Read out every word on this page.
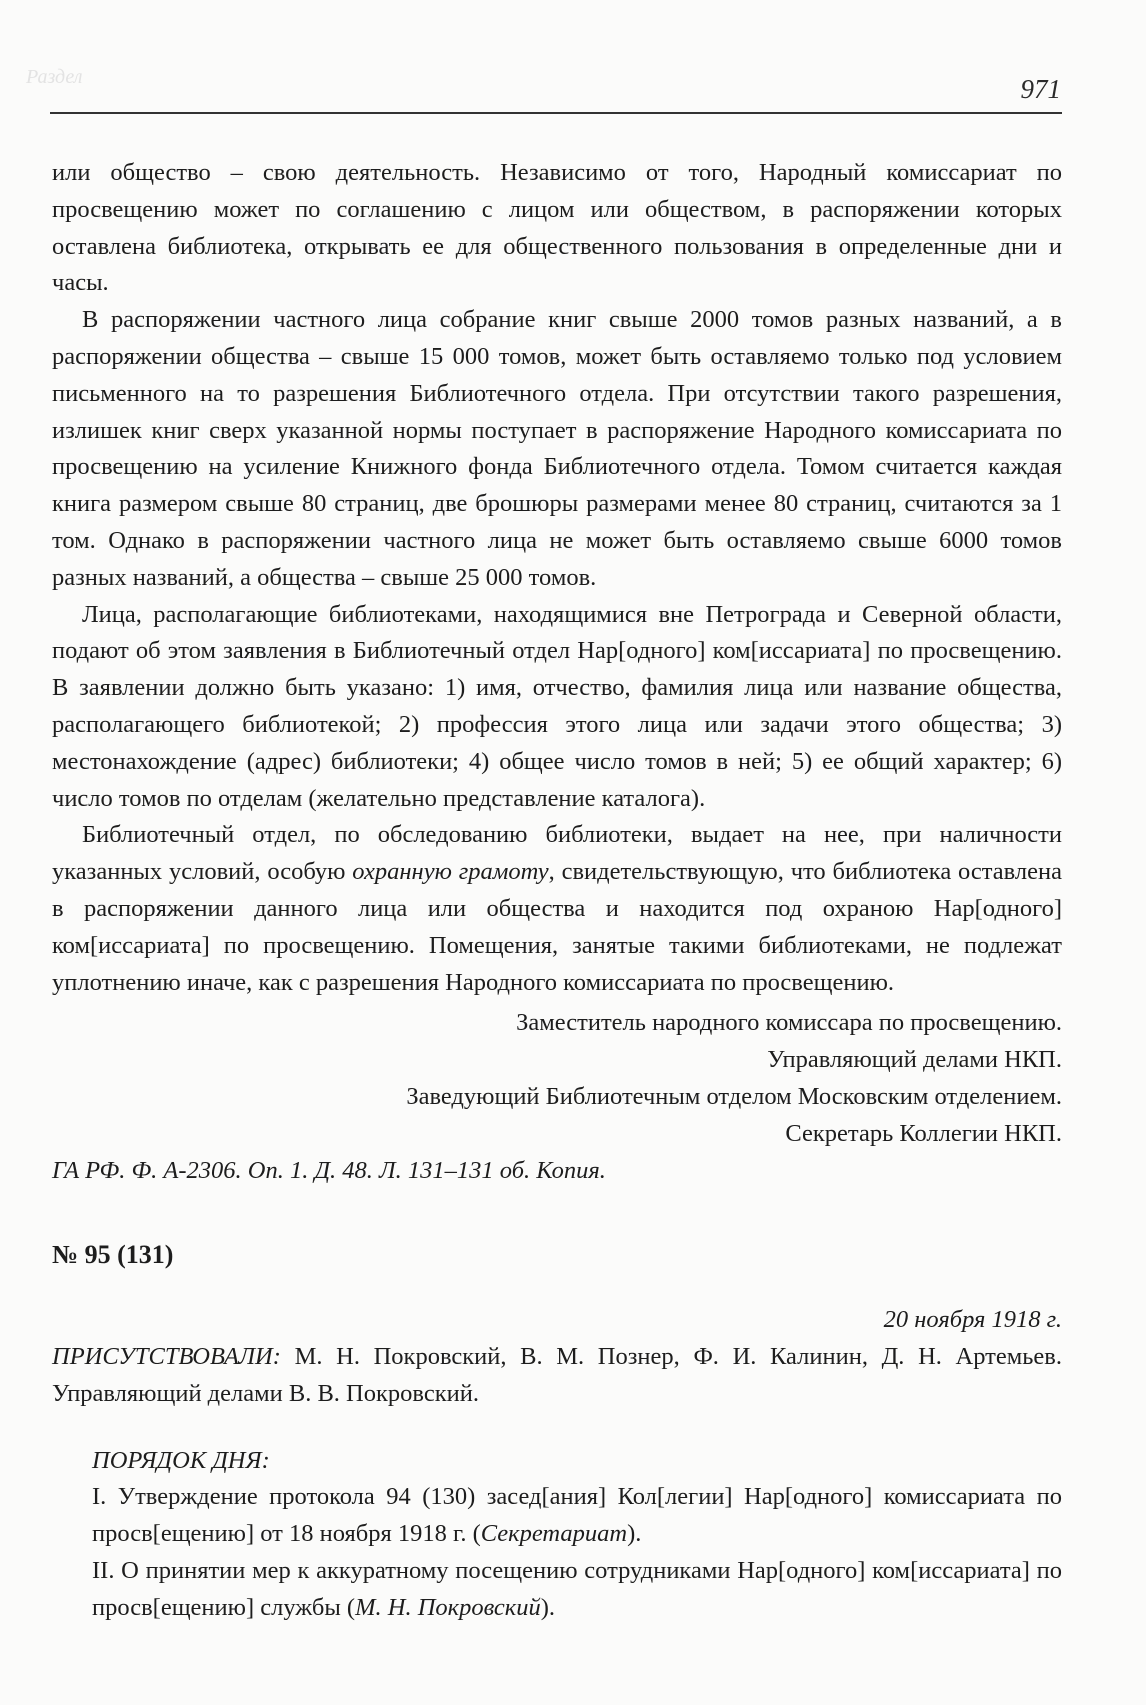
Раздел	971

или общество – свою деятельность. Независимо от того, Народный комиссариат по просвещению может по соглашению с лицом или обществом, в распоряжении которых оставлена библиотека, открывать ее для общественного пользования в определенные дни и часы.

В распоряжении частного лица собрание книг свыше 2000 томов разных названий, а в распоряжении общества – свыше 15 000 томов, может быть оставляемо только под условием письменного на то разрешения Библиотечного отдела. При отсутствии такого разрешения, излишек книг сверх указанной нормы поступает в распоряжение Народного комиссариата по просвещению на усиление Книжного фонда Библиотечного отдела. Томом считается каждая книга размером свыше 80 страниц, две брошюры размерами менее 80 страниц, считаются за 1 том. Однако в распоряжении частного лица не может быть оставляемо свыше 6000 томов разных названий, а общества – свыше 25 000 томов.

Лица, располагающие библиотеками, находящимися вне Петрограда и Северной области, подают об этом заявления в Библиотечный отдел Нар[одного] ком[иссариата] по просвещению. В заявлении должно быть указано: 1) имя, отчество, фамилия лица или название общества, располагающего библиотекой; 2) профессия этого лица или задачи этого общества; 3) местонахождение (адрес) библиотеки; 4) общее число томов в ней; 5) ее общий характер; 6) число томов по отделам (желательно представление каталога).

Библиотечный отдел, по обследованию библиотеки, выдает на нее, при наличности указанных условий, особую охранную грамоту, свидетельствующую, что библиотека оставлена в распоряжении данного лица или общества и находится под охраною Нар[одного] ком[иссариата] по просвещению. Помещения, занятые такими библиотеками, не подлежат уплотнению иначе, как с разрешения Народного комиссариата по просвещению.

Заместитель народного комиссара по просвещению.

Управляющий делами НКП.

Заведующий Библиотечным отделом Московским отделением.

Секретарь Коллегии НКП.

ГА РФ. Ф. А-2306. Оп. 1. Д. 48. Л. 131–131 об. Копия.

№ 95 (131)
20 ноября 1918 г.

ПРИСУТСТВОВАЛИ: М. Н. Покровский, В. М. Познер, Ф. И. Калинин, Д. Н. Артемьев. Управляющий делами В. В. Покровский.

ПОРЯДОК ДНЯ:

I. Утверждение протокола 94 (130) засед[ания] Кол[легии] Нар[одного] комиссариата по просв[ещению] от 18 ноября 1918 г. (Секретариат).

II. О принятии мер к аккуратному посещению сотрудниками Нар[одного] ком[иссариата] по просв[ещению] службы (М. Н. Покровский).
